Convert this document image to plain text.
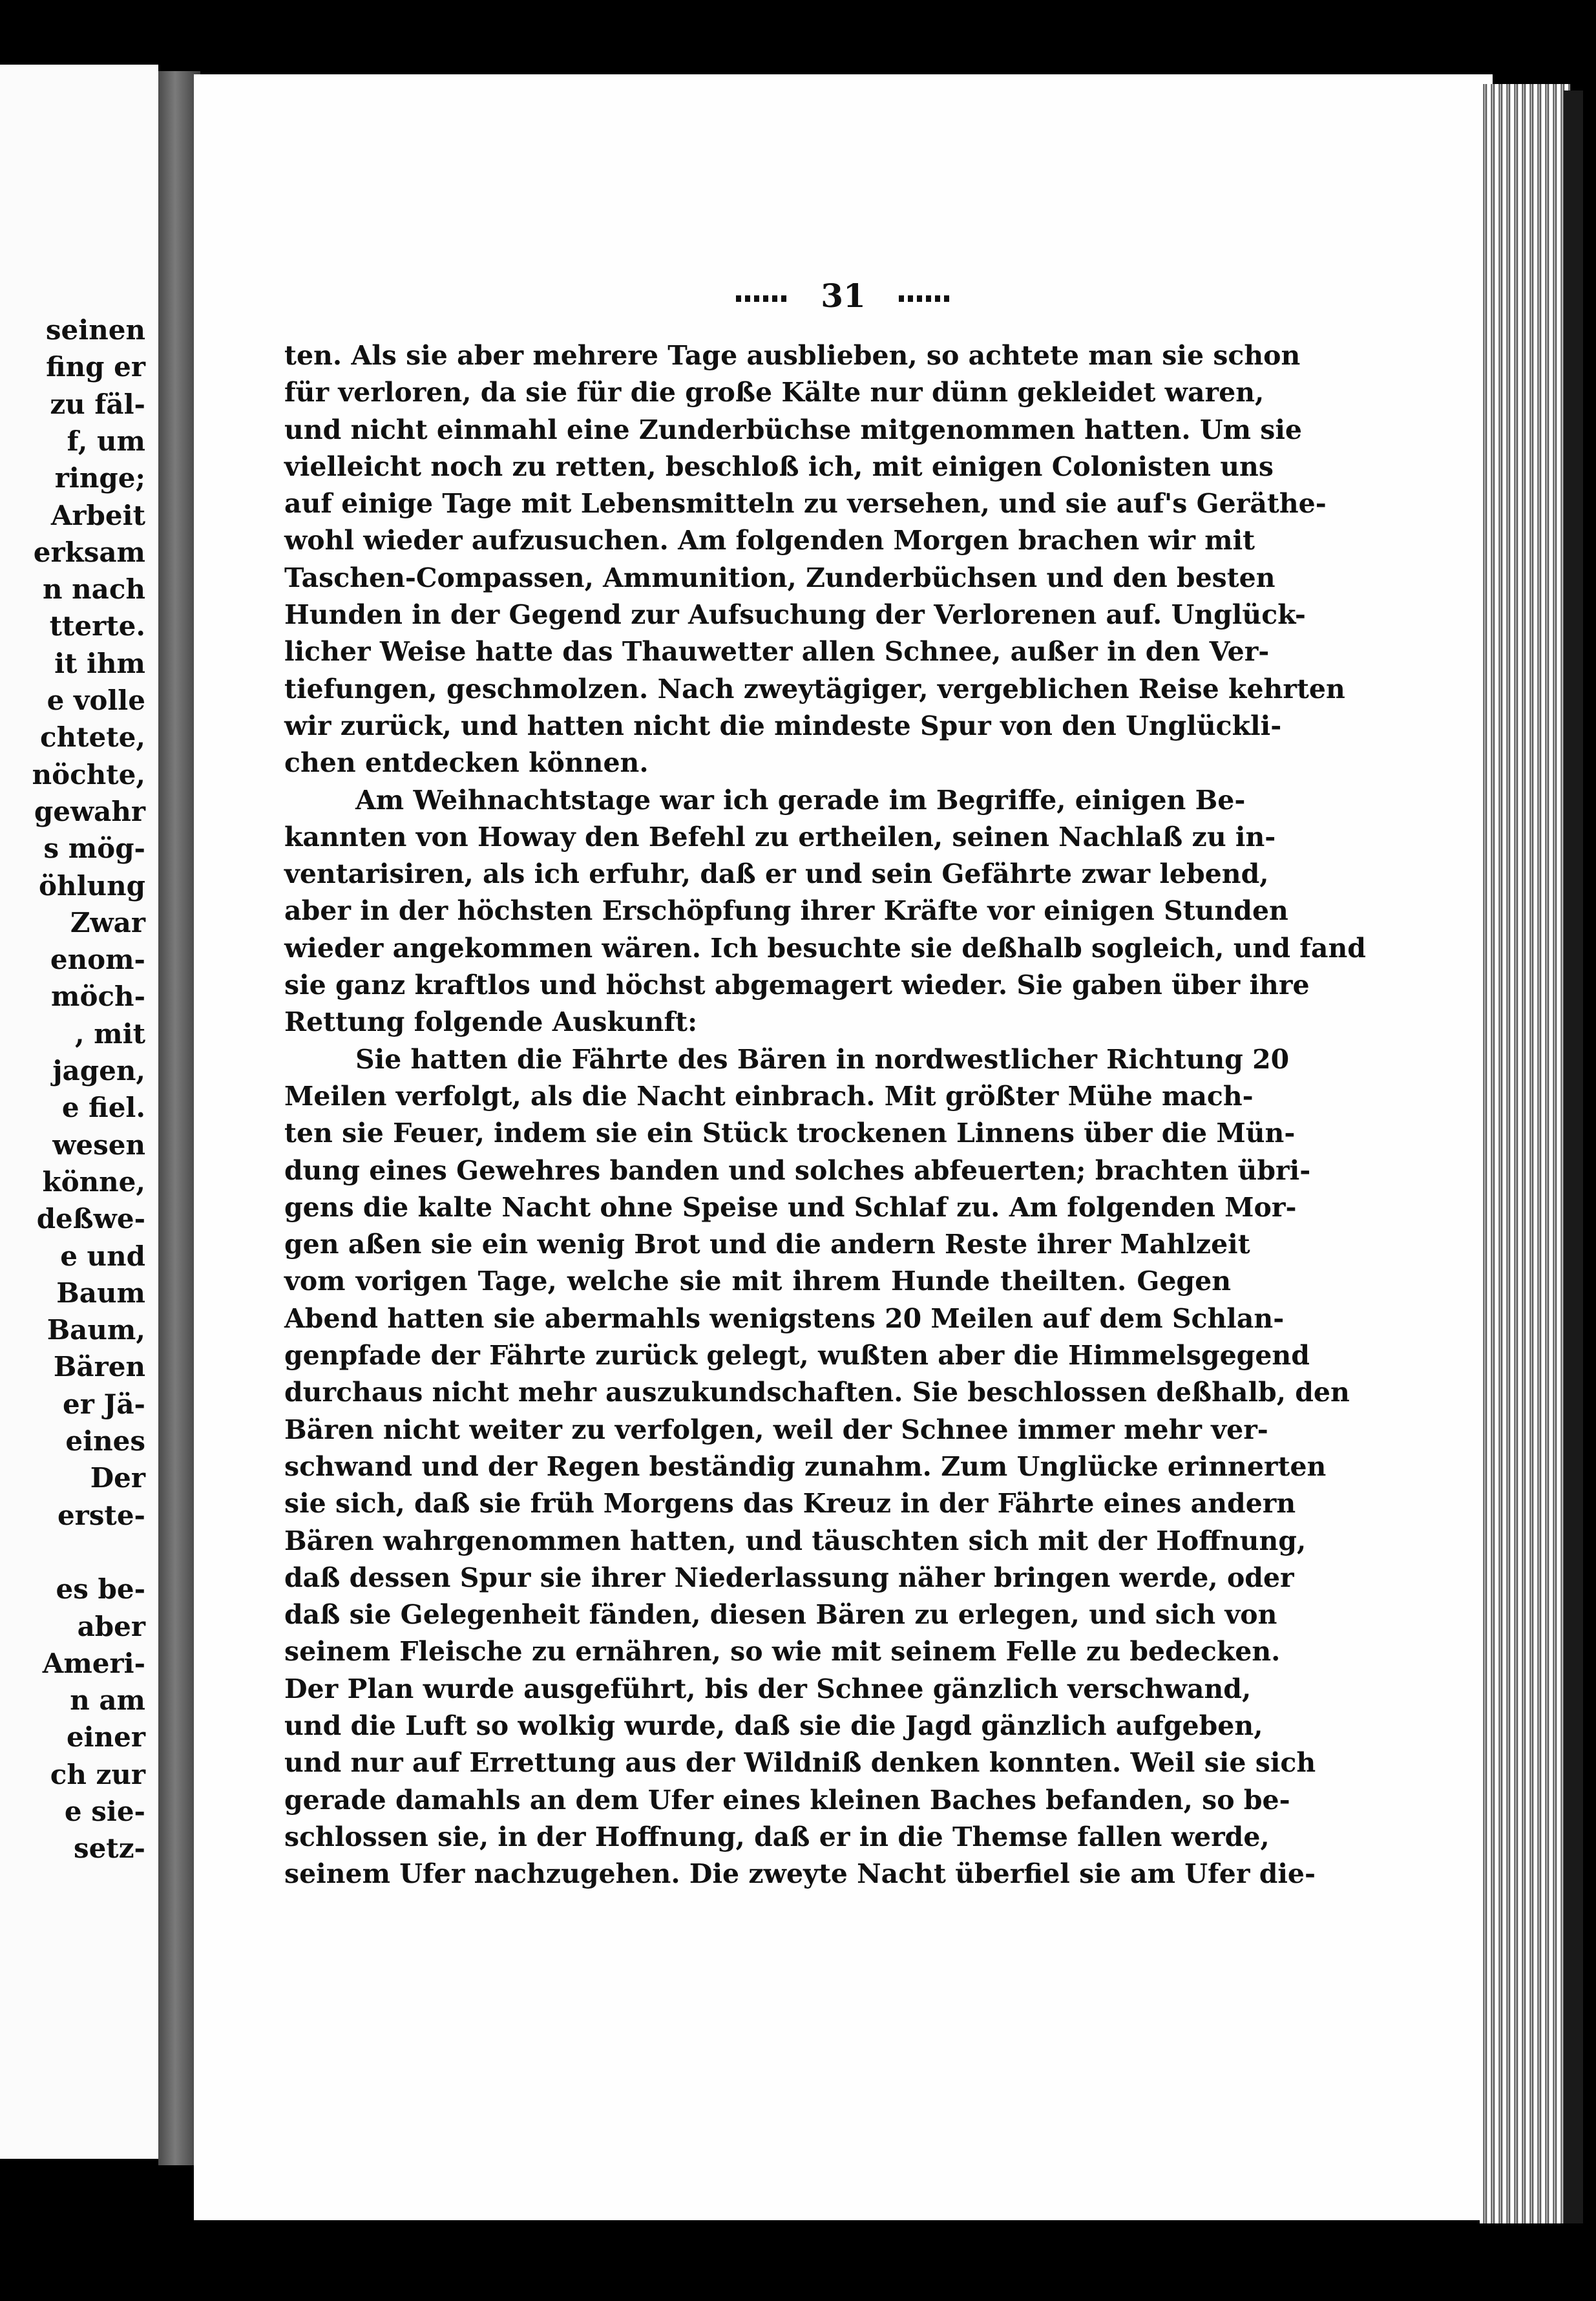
seinen
fing er
zu fäl-
f, um
ringe;
Arbeit
erksam
n nach
tterte.
it ihm
e volle
chtete,
nöchte,
gewahr
s mög-
öhlung
Zwar
enom-
möch-
, mit
jagen,
e fiel.
wesen
könne,
deßwe-
e und
Baum
Baum,
Bären
er Jä-
eines
Der
erste-
es be-
aber
Ameri-
n am
einer
ch zur
e sie-
setz-
31
ten. Als sie aber mehrere Tage ausblieben, so achtete man sie schon
für verloren, da sie für die große Kälte nur dünn gekleidet waren,
und nicht einmahl eine Zunderbüchse mitgenommen hatten. Um sie
vielleicht noch zu retten, beschloß ich, mit einigen Colonisten uns
auf einige Tage mit Lebensmitteln zu versehen, und sie auf's Geräthe-
wohl wieder aufzusuchen. Am folgenden Morgen brachen wir mit
Taschen-Compassen, Ammunition, Zunderbüchsen und den besten
Hunden in der Gegend zur Aufsuchung der Verlorenen auf. Unglück-
licher Weise hatte das Thauwetter allen Schnee, außer in den Ver-
tiefungen, geschmolzen. Nach zweytägiger, vergeblichen Reise kehrten
wir zurück, und hatten nicht die mindeste Spur von den Unglückli-
chen entdecken können.
Am Weihnachtstage war ich gerade im Begriffe, einigen Be-
kannten von Howay den Befehl zu ertheilen, seinen Nachlaß zu in-
ventarisiren, als ich erfuhr, daß er und sein Gefährte zwar lebend,
aber in der höchsten Erschöpfung ihrer Kräfte vor einigen Stunden
wieder angekommen wären. Ich besuchte sie deßhalb sogleich, und fand
sie ganz kraftlos und höchst abgemagert wieder. Sie gaben über ihre
Rettung folgende Auskunft:
Sie hatten die Fährte des Bären in nordwestlicher Richtung 20
Meilen verfolgt, als die Nacht einbrach. Mit größter Mühe mach-
ten sie Feuer, indem sie ein Stück trockenen Linnens über die Mün-
dung eines Gewehres banden und solches abfeuerten; brachten übri-
gens die kalte Nacht ohne Speise und Schlaf zu. Am folgenden Mor-
gen aßen sie ein wenig Brot und die andern Reste ihrer Mahlzeit
vom vorigen Tage, welche sie mit ihrem Hunde theilten. Gegen
Abend hatten sie abermahls wenigstens 20 Meilen auf dem Schlan-
genpfade der Fährte zurück gelegt, wußten aber die Himmelsgegend
durchaus nicht mehr auszukundschaften. Sie beschlossen deßhalb, den
Bären nicht weiter zu verfolgen, weil der Schnee immer mehr ver-
schwand und der Regen beständig zunahm. Zum Unglücke erinnerten
sie sich, daß sie früh Morgens das Kreuz in der Fährte eines andern
Bären wahrgenommen hatten, und täuschten sich mit der Hoffnung,
daß dessen Spur sie ihrer Niederlassung näher bringen werde, oder
daß sie Gelegenheit fänden, diesen Bären zu erlegen, und sich von
seinem Fleische zu ernähren, so wie mit seinem Felle zu bedecken.
Der Plan wurde ausgeführt, bis der Schnee gänzlich verschwand,
und die Luft so wolkig wurde, daß sie die Jagd gänzlich aufgeben,
und nur auf Errettung aus der Wildniß denken konnten. Weil sie sich
gerade damahls an dem Ufer eines kleinen Baches befanden, so be-
schlossen sie, in der Hoffnung, daß er in die Themse fallen werde,
seinem Ufer nachzugehen. Die zweyte Nacht überfiel sie am Ufer die-
